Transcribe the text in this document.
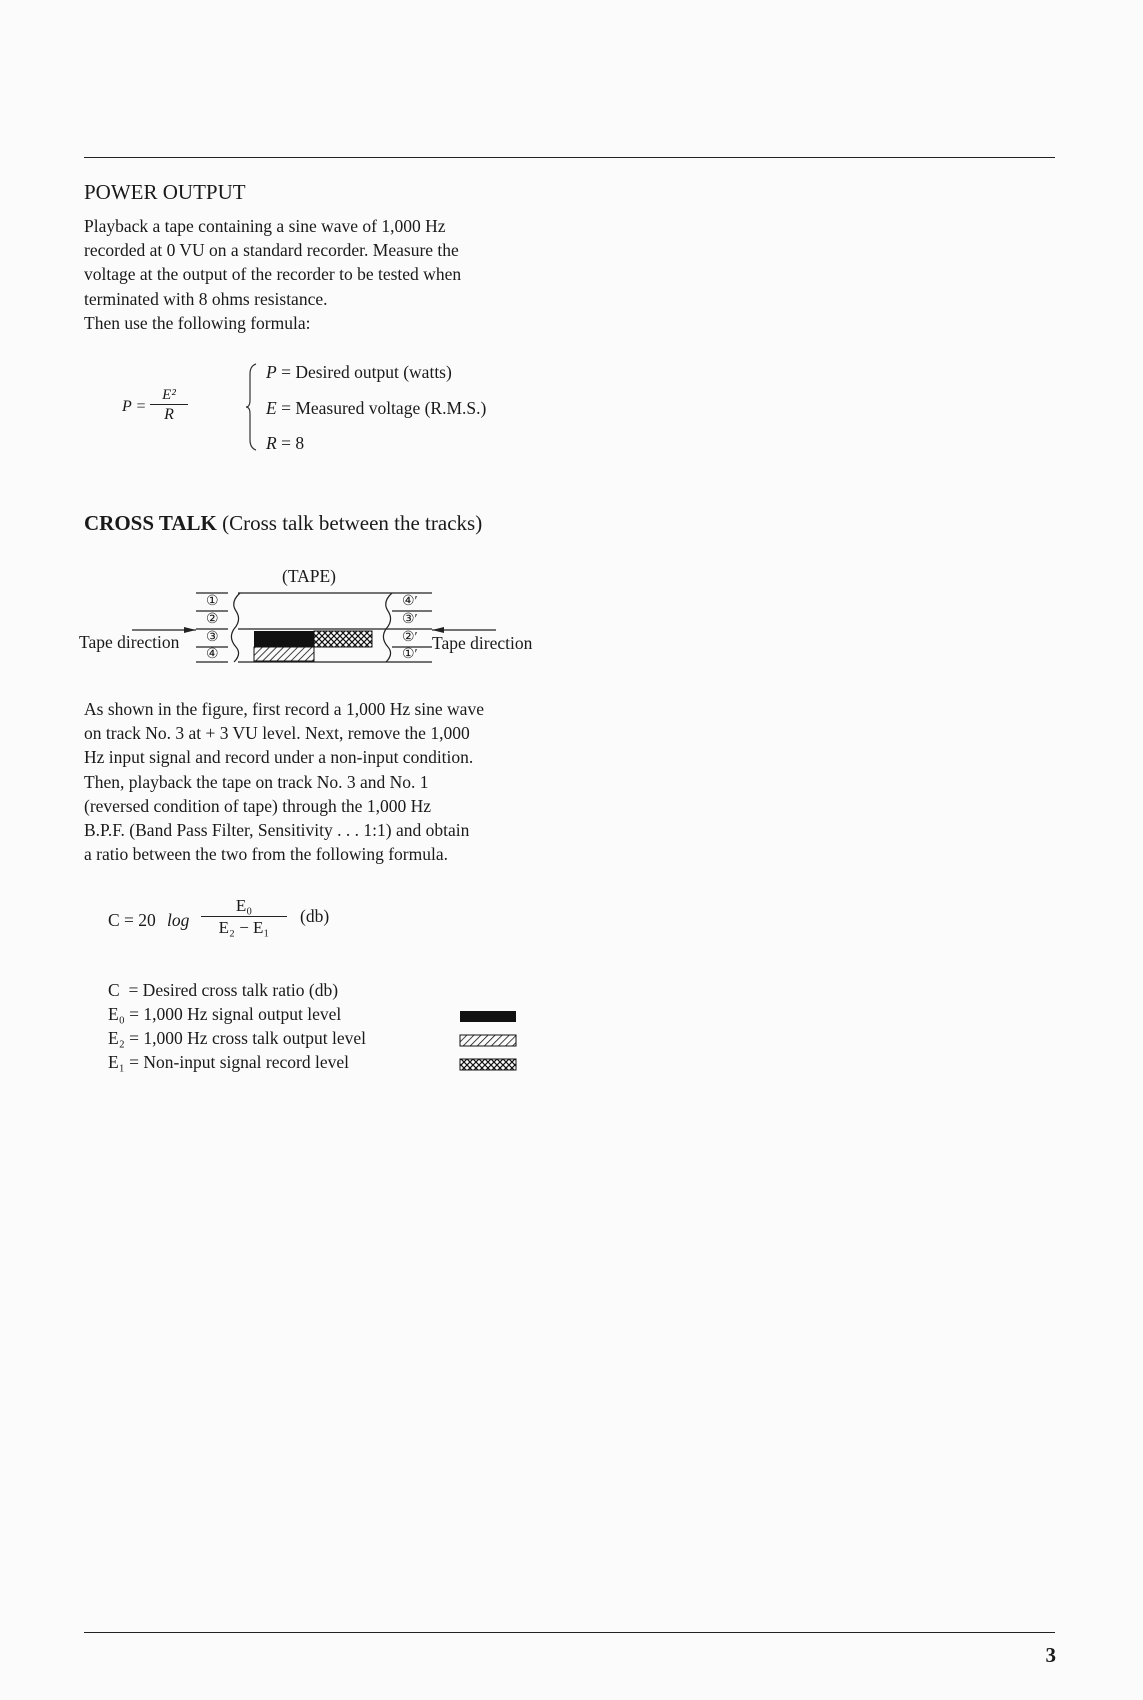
POWER OUTPUT

Playback a tape containing a sine wave of 1,000 Hz
recorded at 0 VU on a standard recorder. Measure the
voltage at the output of the recorder to be tested when
terminated with 8 ohms resistance.
Then use the following formula:

P =
E²
R
P = Desired output (watts)
E = Measured voltage (R.M.S.)
R = 8
CROSS TALK (Cross talk between the tracks)
(TAPE)
①
②
③
④
④′
③′
②′
①′
Tape direction	Tape direction

As shown in the figure, first record a 1,000 Hz sine wave
on track No. 3 at + 3 VU level. Next, remove the 1,000
Hz input signal and record under a non-input condition.
Then, playback the tape on track No. 3 and No. 1
(reversed condition of tape) through the 1,000 Hz
B.P.F. (Band Pass Filter, Sensitivity . . . 1:1) and obtain
a ratio between the two from the following formula.

C = 20 log
E₀
E₂ − E₁
(db)
C  = Desired cross talk ratio (db)
E₀ = 1,000 Hz signal output level
E₂ = 1,000 Hz cross talk output level
E₁ = Non-input signal record level
3
